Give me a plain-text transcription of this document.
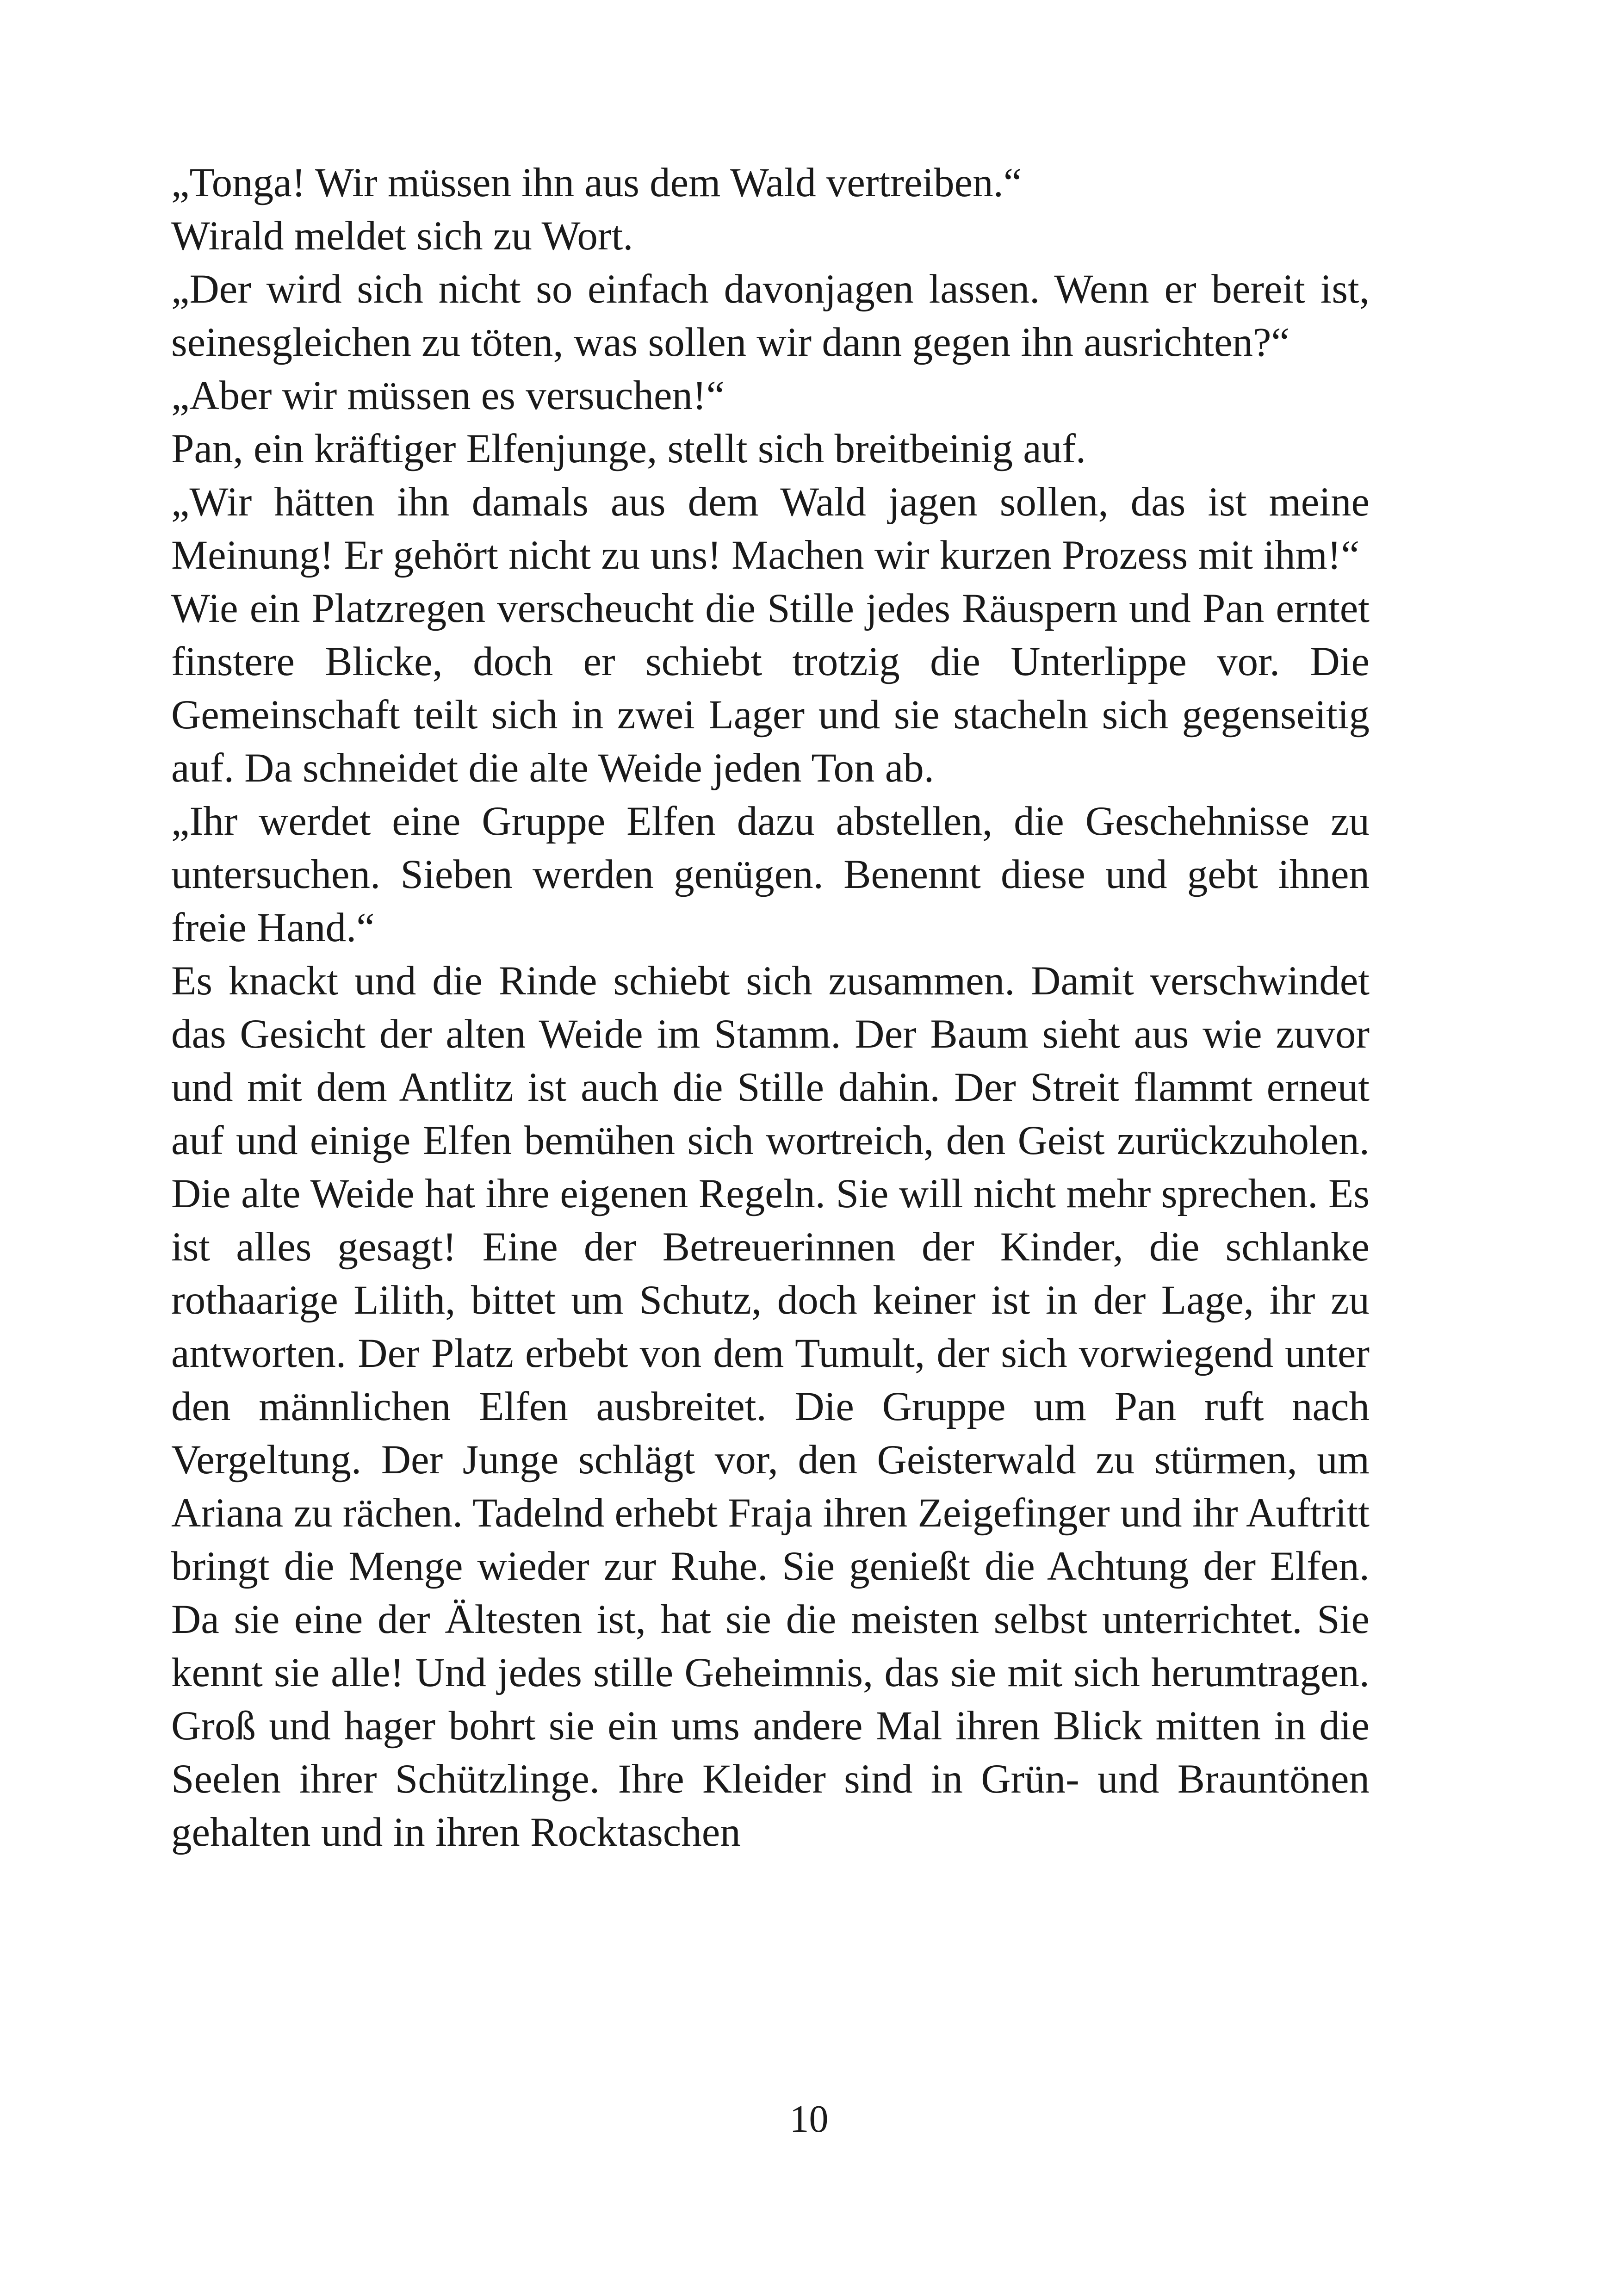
„Tonga! Wir müssen ihn aus dem Wald vertreiben.“

Wirald meldet sich zu Wort.

„Der wird sich nicht so einfach davonjagen lassen. Wenn er bereit ist, seinesgleichen zu töten, was sollen wir dann gegen ihn ausrichten?“

„Aber wir müssen es versuchen!“

Pan, ein kräftiger Elfenjunge, stellt sich breitbeinig auf.

„Wir hätten ihn damals aus dem Wald jagen sollen, das ist meine Meinung! Er gehört nicht zu uns! Machen wir kurzen Prozess mit ihm!“

Wie ein Platzregen verscheucht die Stille jedes Räuspern und Pan erntet finstere Blicke, doch er schiebt trotzig die Unterlippe vor. Die Gemeinschaft teilt sich in zwei Lager und sie stacheln sich gegenseitig auf. Da schneidet die alte Weide jeden Ton ab.

„Ihr werdet eine Gruppe Elfen dazu abstellen, die Geschehnisse zu untersuchen. Sieben werden genügen. Benennt diese und gebt ihnen freie Hand.“

Es knackt und die Rinde schiebt sich zusammen. Damit verschwindet das Gesicht der alten Weide im Stamm. Der Baum sieht aus wie zuvor und mit dem Antlitz ist auch die Stille dahin. Der Streit flammt erneut auf und einige Elfen bemühen sich wortreich, den Geist zurückzuholen. Die alte Weide hat ihre eigenen Regeln. Sie will nicht mehr sprechen. Es ist alles gesagt! Eine der Betreuerinnen der Kinder, die schlanke rothaarige Lilith, bittet um Schutz, doch keiner ist in der Lage, ihr zu antworten. Der Platz erbebt von dem Tumult, der sich vorwiegend unter den männlichen Elfen ausbreitet. Die Gruppe um Pan ruft nach Vergeltung. Der Junge schlägt vor, den Geisterwald zu stürmen, um Ariana zu rächen. Tadelnd erhebt Fraja ihren Zeigefinger und ihr Auftritt bringt die Menge wieder zur Ruhe. Sie genießt die Achtung der Elfen. Da sie eine der Ältesten ist, hat sie die meisten selbst unterrichtet. Sie kennt sie alle! Und jedes stille Geheimnis, das sie mit sich herumtragen. Groß und hager bohrt sie ein ums andere Mal ihren Blick mitten in die Seelen ihrer Schützlinge. Ihre Kleider sind in Grün- und Brauntönen gehalten und in ihren Rocktaschen

10
